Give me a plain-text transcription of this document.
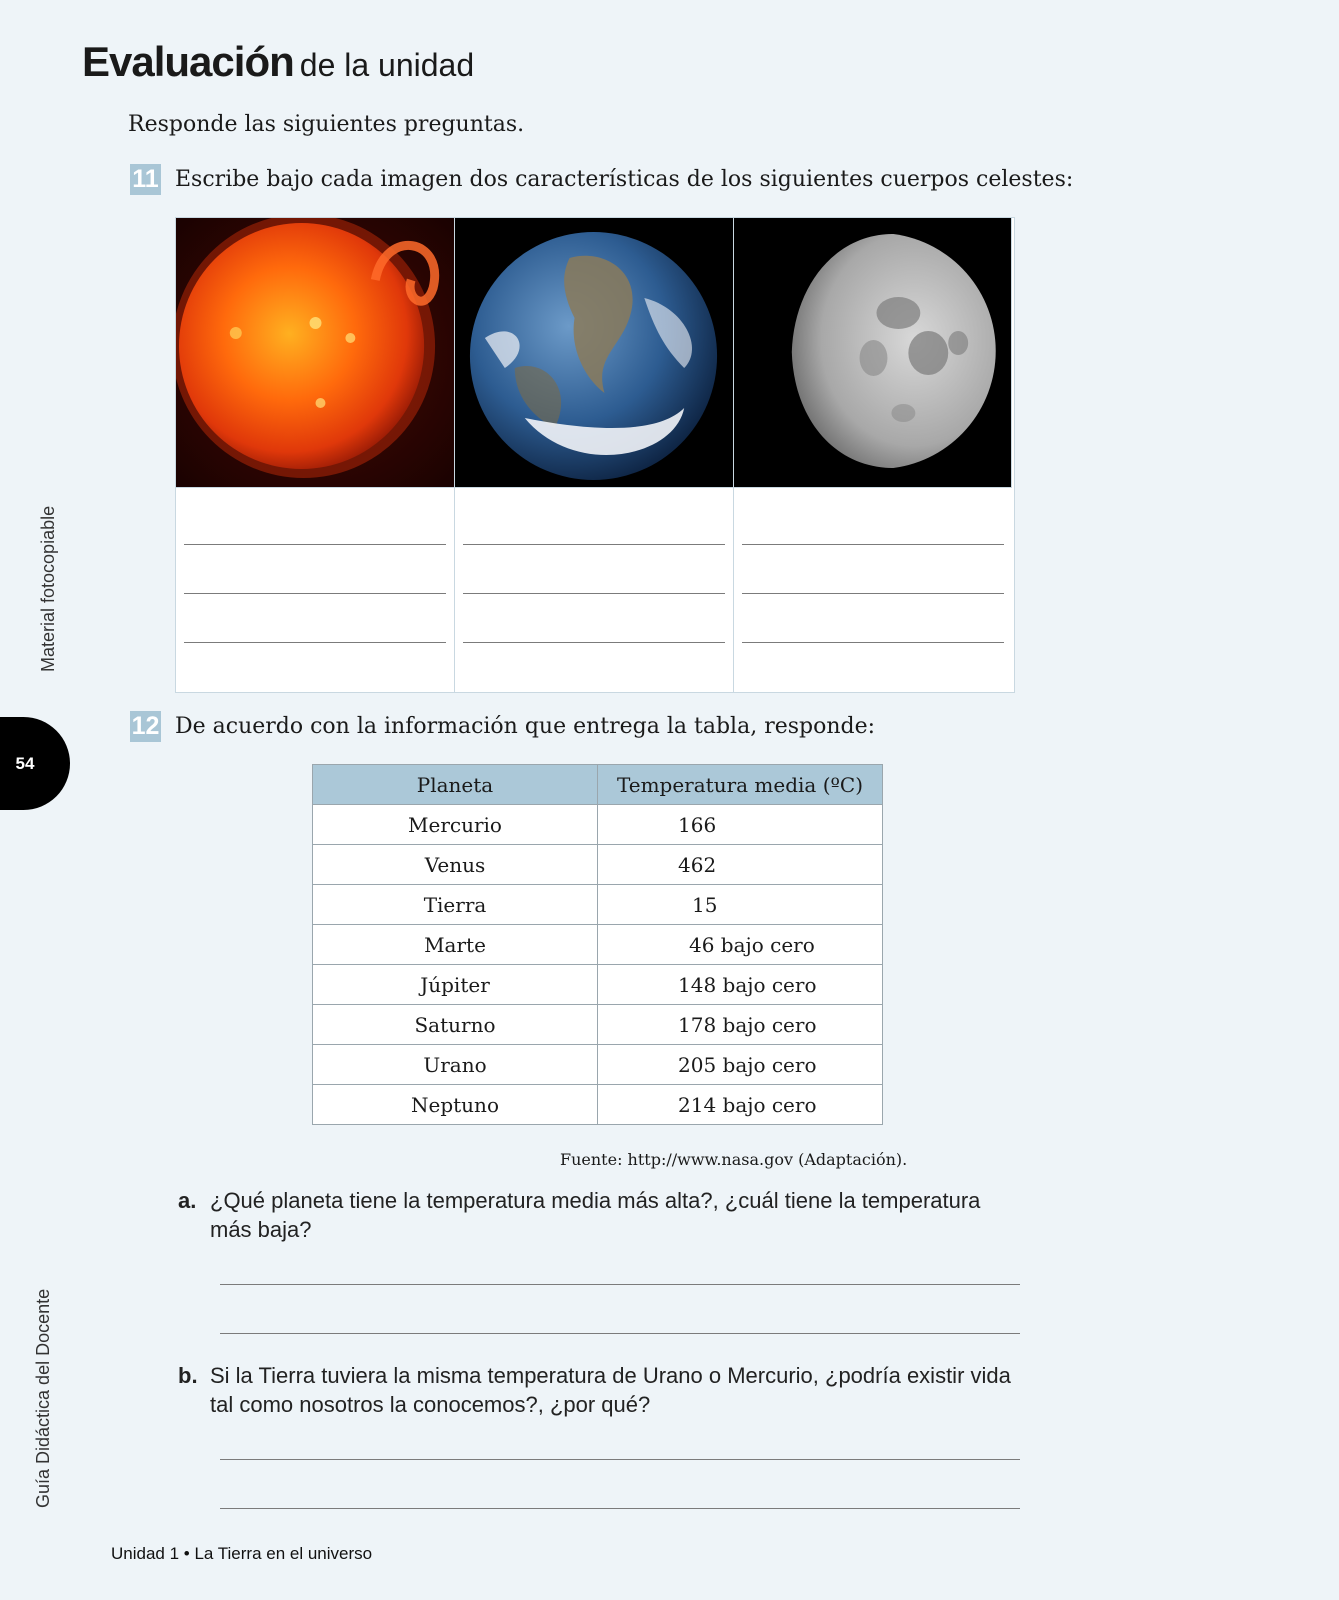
Evaluación de la unidad
Responde las siguientes preguntas.
11 Escribe bajo cada imagen dos características de los siguientes cuerpos celestes:
12 De acuerdo con la información que entrega la tabla, responde:
Planeta	Temperatura media (ºC)
Mercurio	166
Venus	462
Tierra	15
Marte	46 bajo cero
Júpiter	148 bajo cero
Saturno	178 bajo cero
Urano	205 bajo cero
Neptuno	214 bajo cero
Fuente: http://www.nasa.gov (Adaptación).
a. ¿Qué planeta tiene la temperatura media más alta?, ¿cuál tiene la temperatura más baja?
b. Si la Tierra tuviera la misma temperatura de Urano o Mercurio, ¿podría existir vida tal como nosotros la conocemos?, ¿por qué?
Material fotocopiable
Guía Didáctica del Docente
54
Unidad 1 • La Tierra en el universo
